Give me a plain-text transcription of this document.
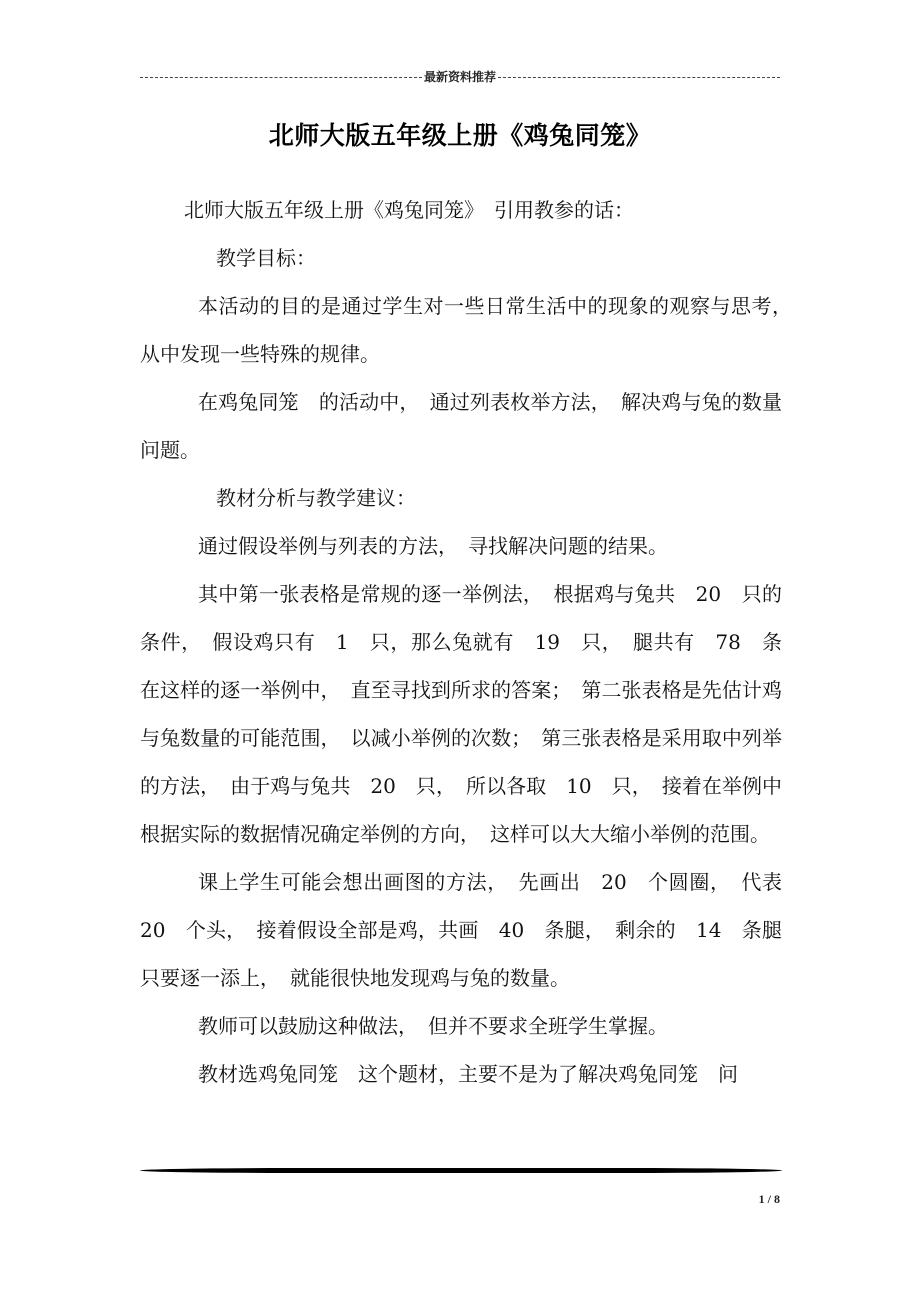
最新资料推荐
北师大版五年级上册《鸡兔同笼》

北师大版五年级上册《鸡兔同笼》　引用教参的话：

教学目标：

本活动的目的是通过学生对一些日常生活中的现象的观察与思考，　从中发现一些特殊的规律。

在鸡兔同笼　的活动中，　通过列表枚举方法，　解决鸡与兔的数量问题。

教材分析与教学建议：

通过假设举例与列表的方法，　寻找解决问题的结果。

其中第一张表格是常规的逐一举例法，　根据鸡与兔共　20　只的条件，　假设鸡只有　1　只，那么兔就有　19　只，　腿共有　78　条在这样的逐一举例中，　直至寻找到所求的答案；　第二张表格是先估计鸡与兔数量的可能范围，　以减小举例的次数；　第三张表格是采用取中列举的方法，　由于鸡与兔共　20　只，　所以各取　10　只，　接着在举例中根据实际的数据情况确定举例的方向，　这样可以大大缩小举例的范围。

课上学生可能会想出画图的方法，　先画出　20　个圆圈，　代表　20　个头，　接着假设全部是鸡，共画　40　条腿，　剩余的　14　条腿只要逐一添上，　就能很快地发现鸡与兔的数量。

教师可以鼓励这种做法，　但并不要求全班学生掌握。

教材选鸡兔同笼　这个题材，主要不是为了解决鸡兔同笼　问

1 / 8
